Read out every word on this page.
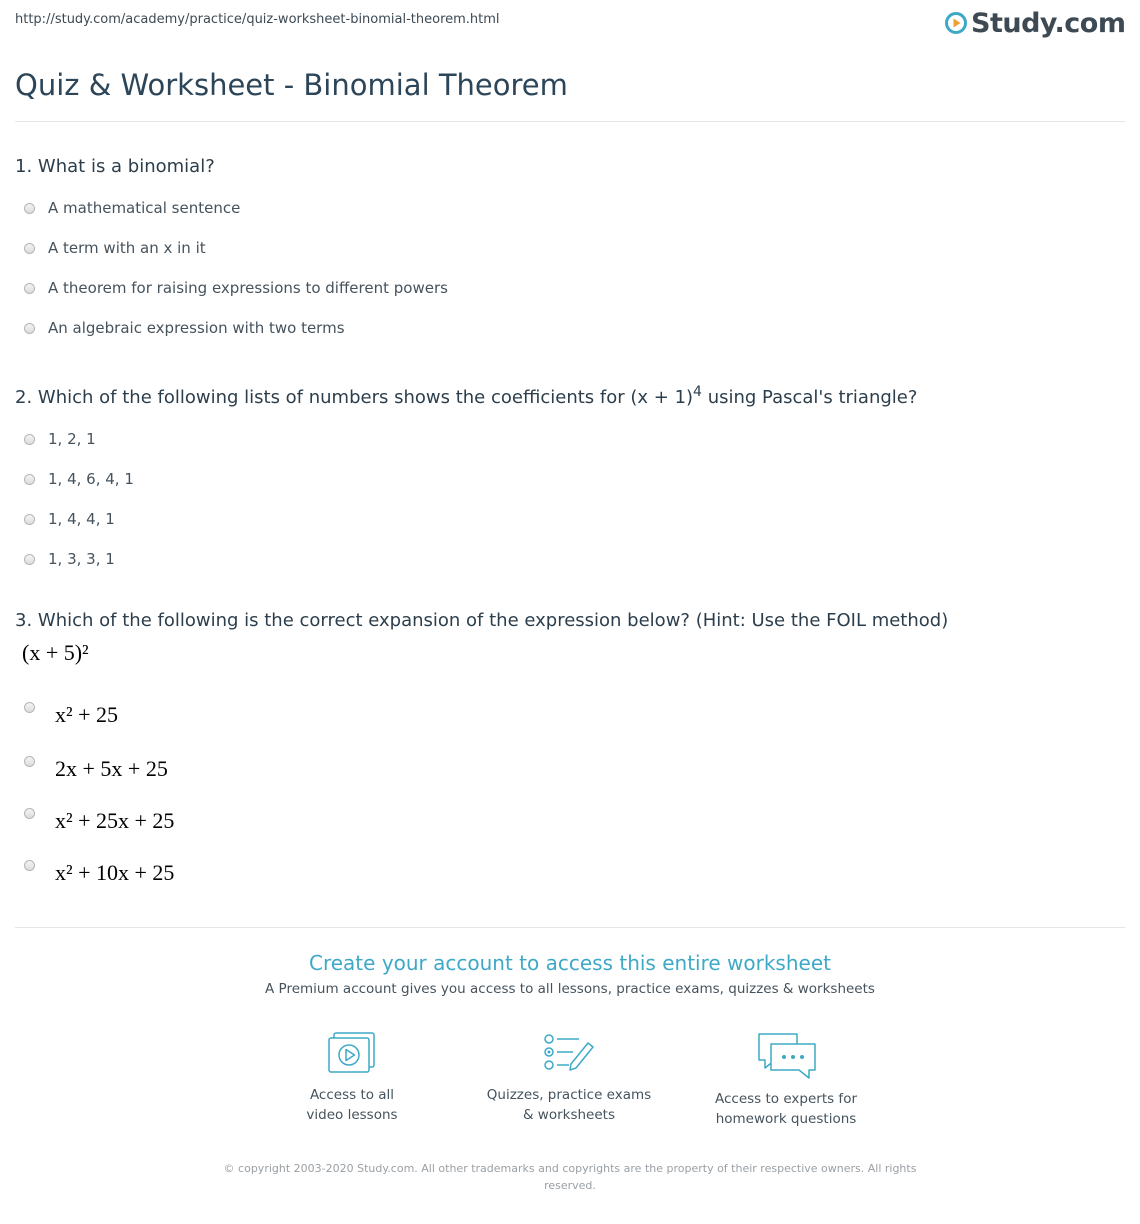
http://study.com/academy/practice/quiz-worksheet-binomial-theorem.html	Study.com
Quiz & Worksheet - Binomial Theorem
1. What is a binomial?
A mathematical sentence
A term with an x in it
A theorem for raising expressions to different powers
An algebraic expression with two terms
2. Which of the following lists of numbers shows the coefficients for $(x + 1)^4$ using Pascal's triangle?
1, 2, 1
1, 4, 6, 4, 1
1, 4, 4, 1
1, 3, 3, 1
3. Which of the following is the correct expansion of the expression below? (Hint: Use the FOIL method)
(x + 5)²
x² + 25
2x + 5x + 25
x² + 25x + 25
x² + 10x + 25
Create your account to access this entire worksheet
A Premium account gives you access to all lessons, practice exams, quizzes & worksheets
Access to all
video lessons
Quizzes, practice exams
& worksheets
Access to experts for
homework questions
© copyright 2003-2020 Study.com. All other trademarks and copyrights are the property of their respective owners. All rights reserved.
